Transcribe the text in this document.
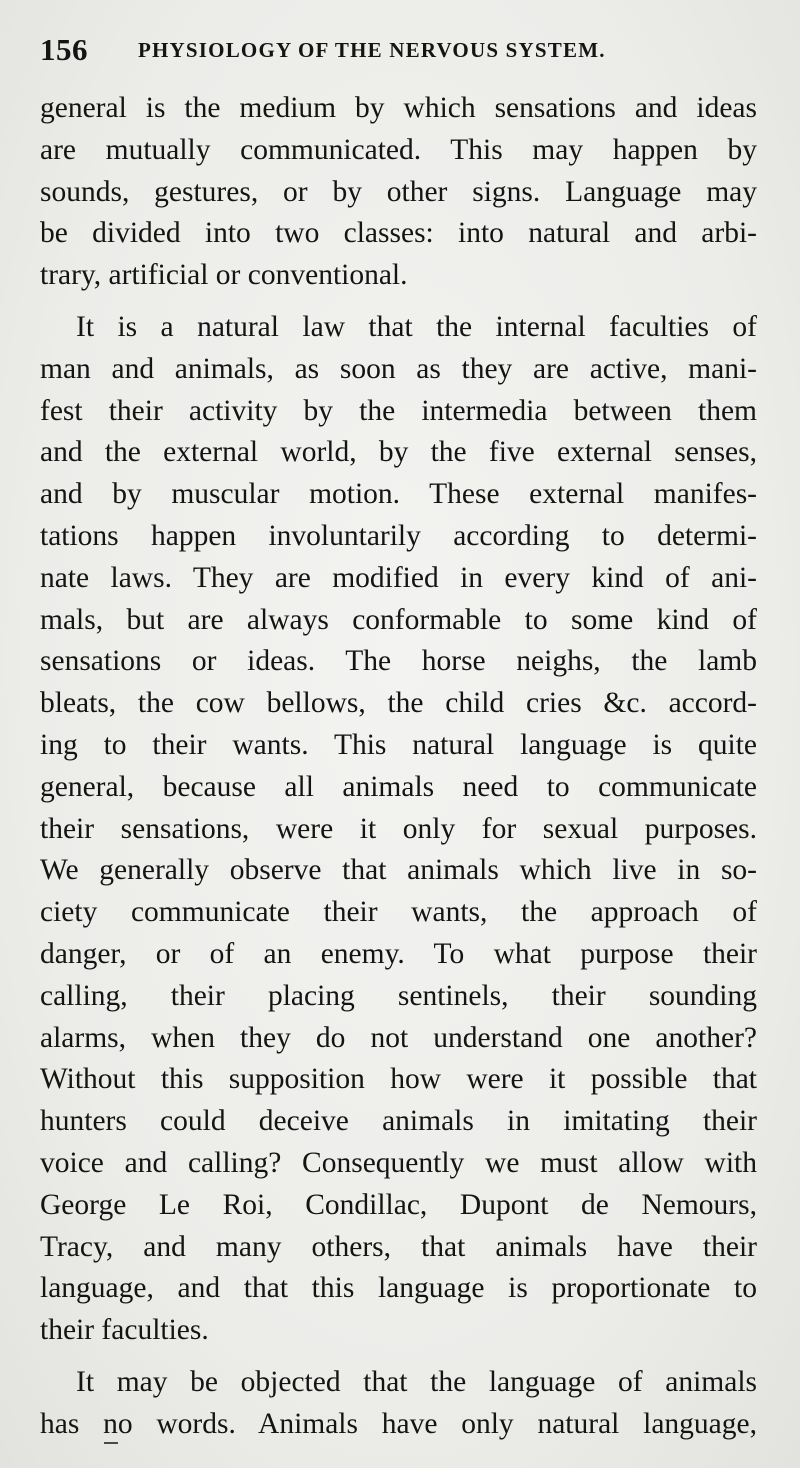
156 PHYSIOLOGY OF THE NERVOUS SYSTEM.

general is the medium by which sensations and ideas
are mutually communicated. This may happen by
sounds, gestures, or by other signs. Language may
be divided into two classes: into natural and arbi-
trary, artificial or conventional.

It is a natural law that the internal faculties of
man and animals, as soon as they are active, mani-
fest their activity by the intermedia between them
and the external world, by the five external senses,
and by muscular motion. These external manifes-
tations happen involuntarily according to determi-
nate laws. They are modified in every kind of ani-
mals, but are always conformable to some kind of
sensations or ideas. The horse neighs, the lamb
bleats, the cow bellows, the child cries &c. accord-
ing to their wants. This natural language is quite
general, because all animals need to communicate
their sensations, were it only for sexual purposes.
We generally observe that animals which live in so-
ciety communicate their wants, the approach of
danger, or of an enemy. To what purpose their
calling, their placing sentinels, their sounding
alarms, when they do not understand one another?
Without this supposition how were it possible that
hunters could deceive animals in imitating their
voice and calling? Consequently we must allow with
George Le Roi, Condillac, Dupont de Nemours,
Tracy, and many others, that animals have their
language, and that this language is proportionate to
their faculties.

It may be objected that the language of animals
has no words. Animals have only natural language,
